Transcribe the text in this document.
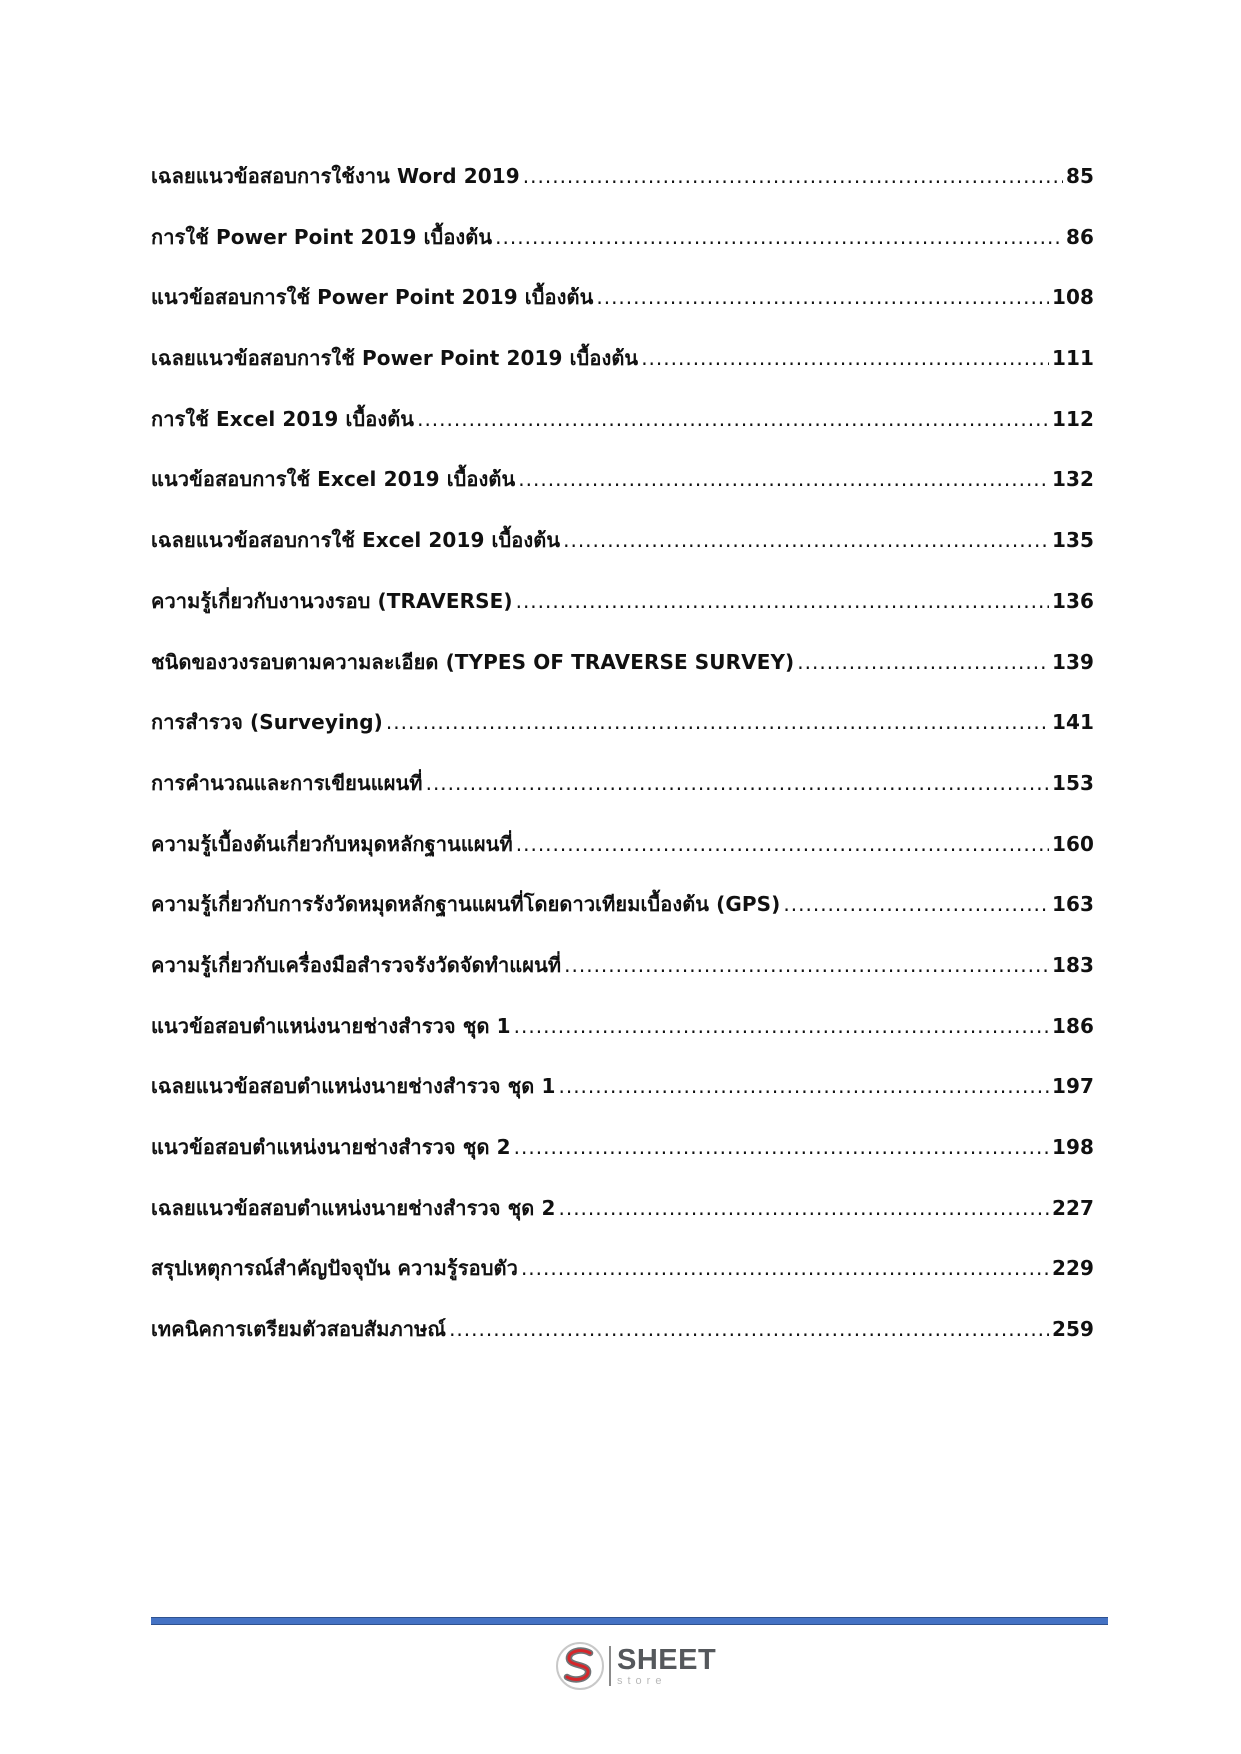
เฉลยแนวข้อสอบการใช้งาน Word 2019 .....	85
การใช้ Power Point 2019 เบื้องต้น .....	86
แนวข้อสอบการใช้ Power Point 2019 เบื้องต้น .....	108
เฉลยแนวข้อสอบการใช้ Power Point 2019 เบื้องต้น .....	111
การใช้ Excel 2019 เบื้องต้น .....	112
แนวข้อสอบการใช้ Excel 2019 เบื้องต้น .....	132
เฉลยแนวข้อสอบการใช้ Excel 2019 เบื้องต้น .....	135
ความรู้เกี่ยวกับงานวงรอบ (TRAVERSE) .....	136
ชนิดของวงรอบตามความละเอียด (TYPES OF TRAVERSE SURVEY) .....	139
การสำรวจ (Surveying) .....	141
การคำนวณและการเขียนแผนที่ .....	153
ความรู้เบื้องต้นเกี่ยวกับหมุดหลักฐานแผนที่ .....	160
ความรู้เกี่ยวกับการรังวัดหมุดหลักฐานแผนที่โดยดาวเทียมเบื้องต้น (GPS) .....	163
ความรู้เกี่ยวกับเครื่องมือสำรวจรังวัดจัดทำแผนที่ .....	183
แนวข้อสอบตำแหน่งนายช่างสำรวจ ชุด 1 .....	186
เฉลยแนวข้อสอบตำแหน่งนายช่างสำรวจ ชุด 1 .....	197
แนวข้อสอบตำแหน่งนายช่างสำรวจ ชุด 2 .....	198
เฉลยแนวข้อสอบตำแหน่งนายช่างสำรวจ ชุด 2 .....	227
สรุปเหตุการณ์สำคัญปัจจุบัน ความรู้รอบตัว .....	229
เทคนิคการเตรียมตัวสอบสัมภาษณ์ .....	259
SHEET
store
